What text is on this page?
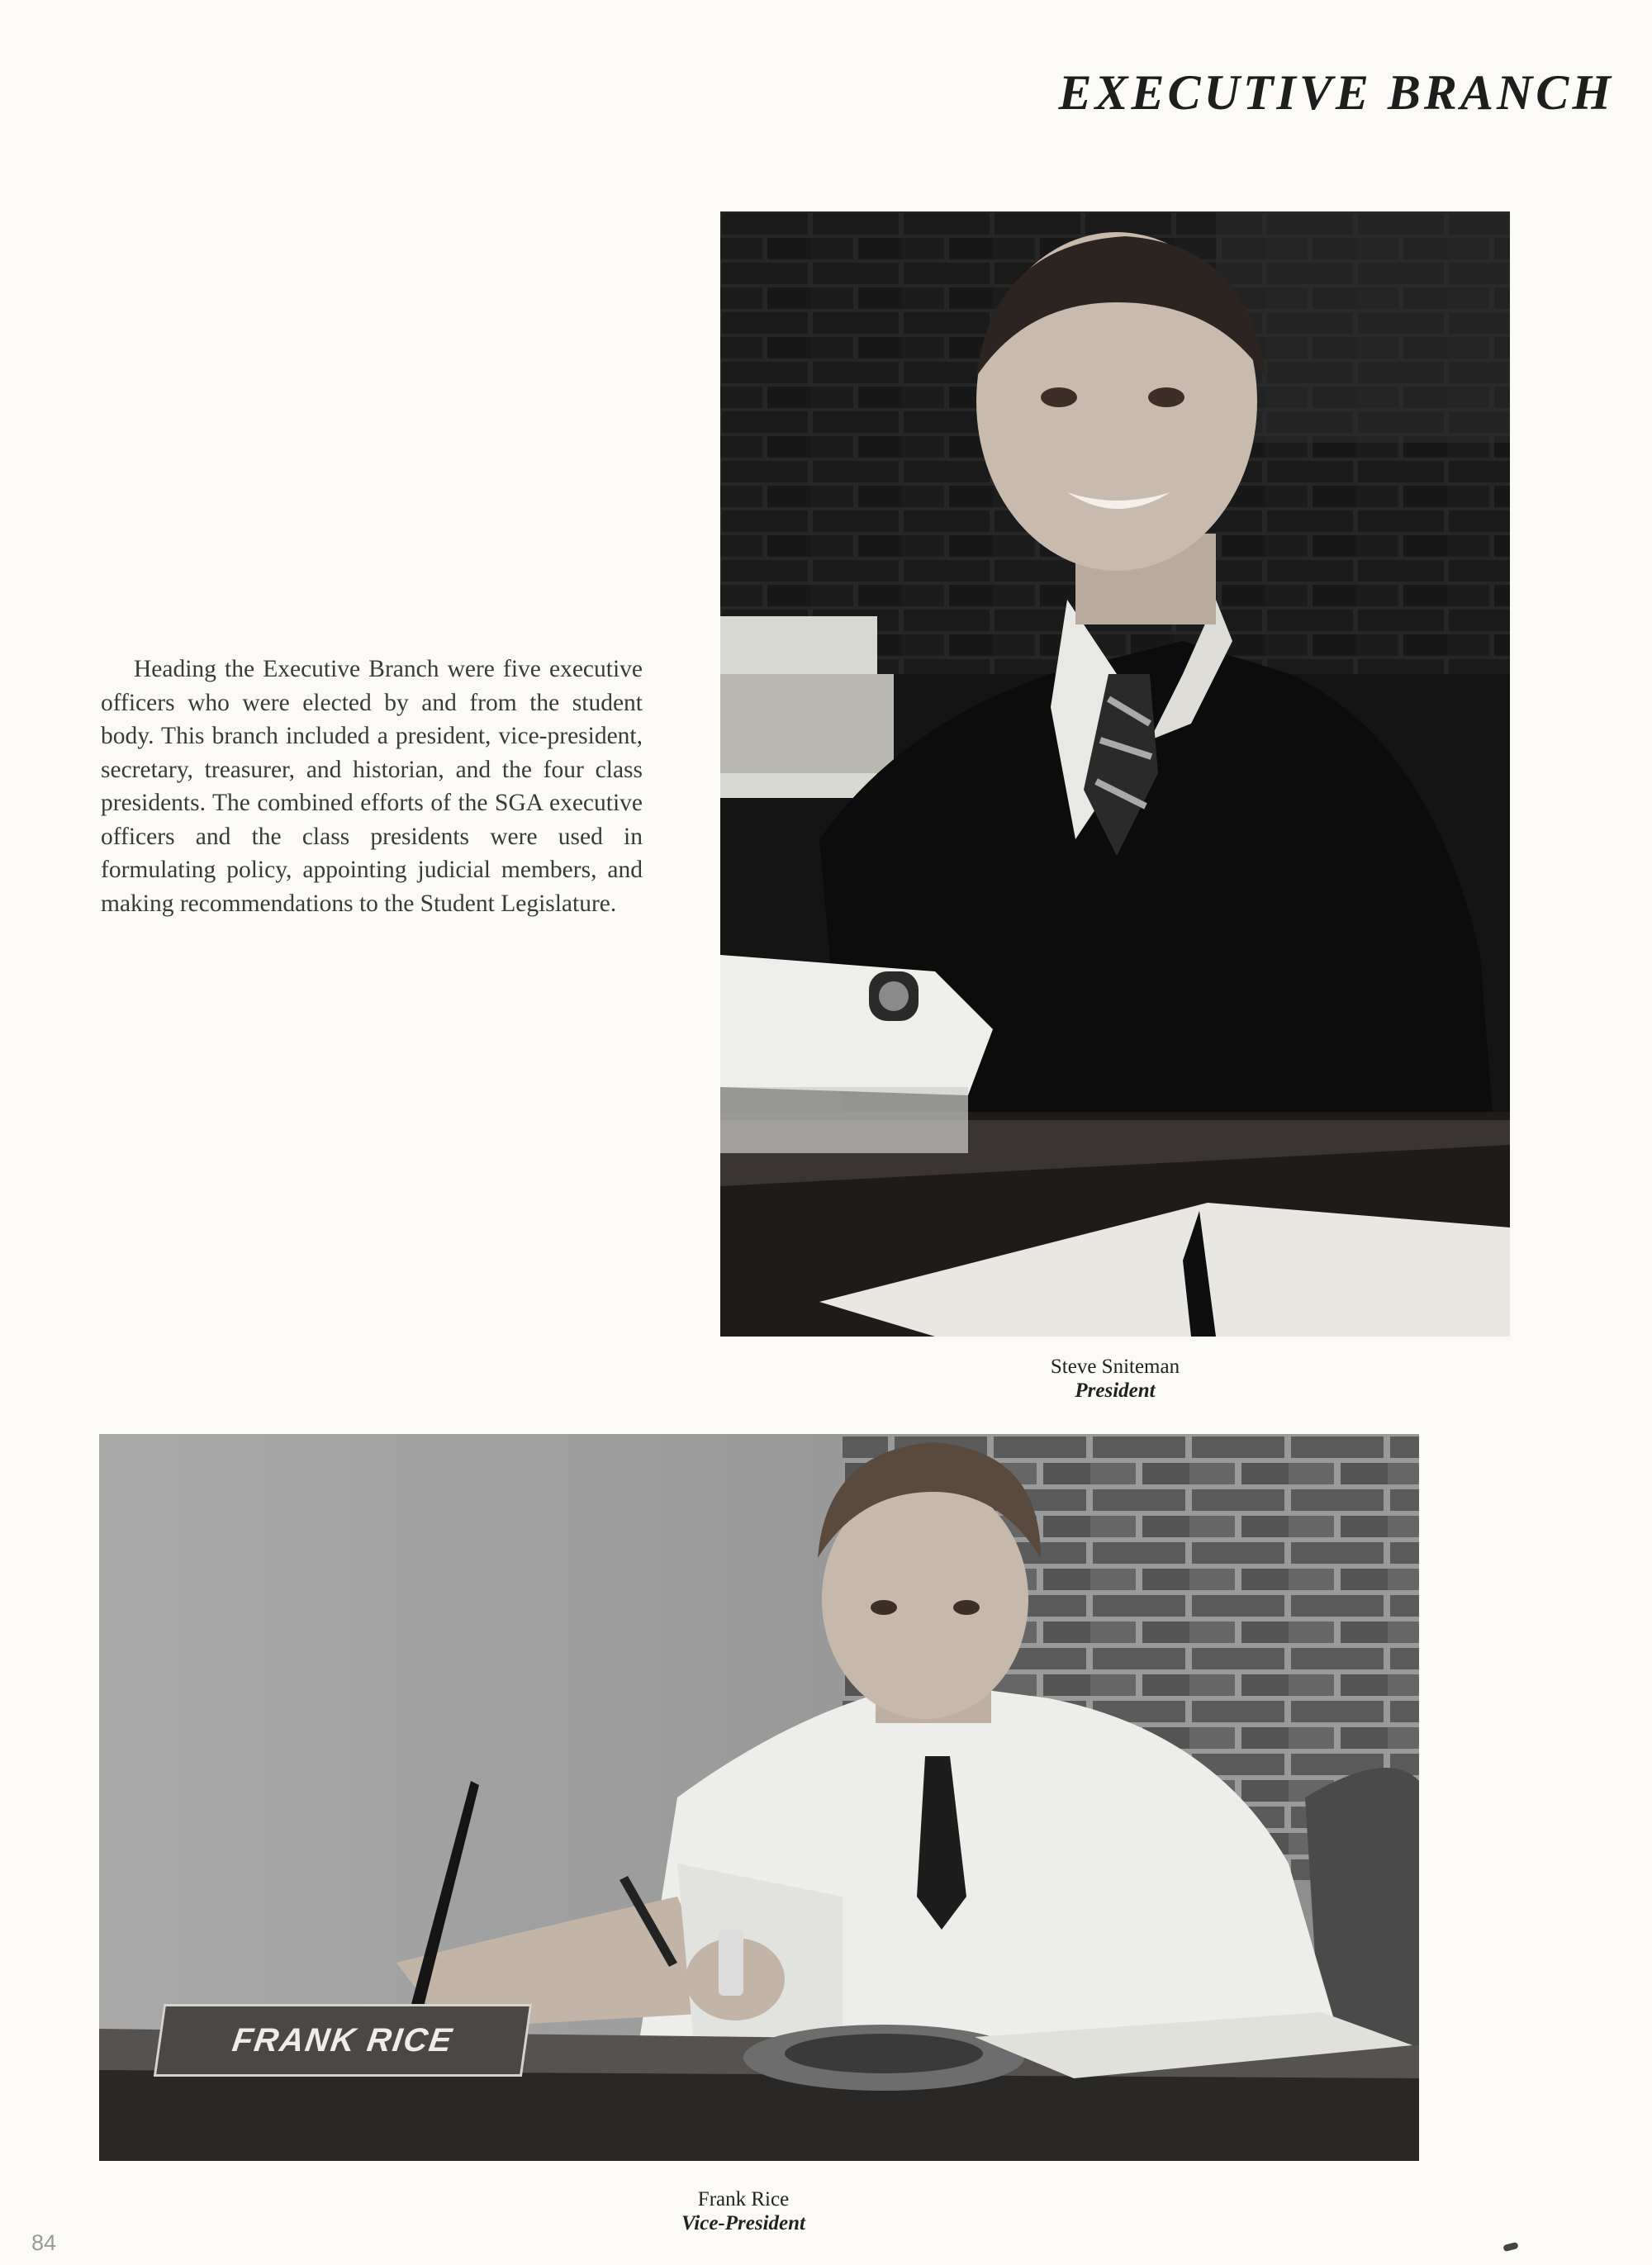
EXECUTIVE BRANCH

Heading the Executive Branch were five executive officers who were elected by and from the student body. This branch included a president, vice-president, secretary, treasurer, and historian, and the four class presidents. The combined efforts of the SGA executive officers and the class presidents were used in formulating policy, appointing judicial members, and making recommendations to the Student Legislature.

Steve Sniteman
President
FRANK RICE
Frank Rice
Vice-President
84
